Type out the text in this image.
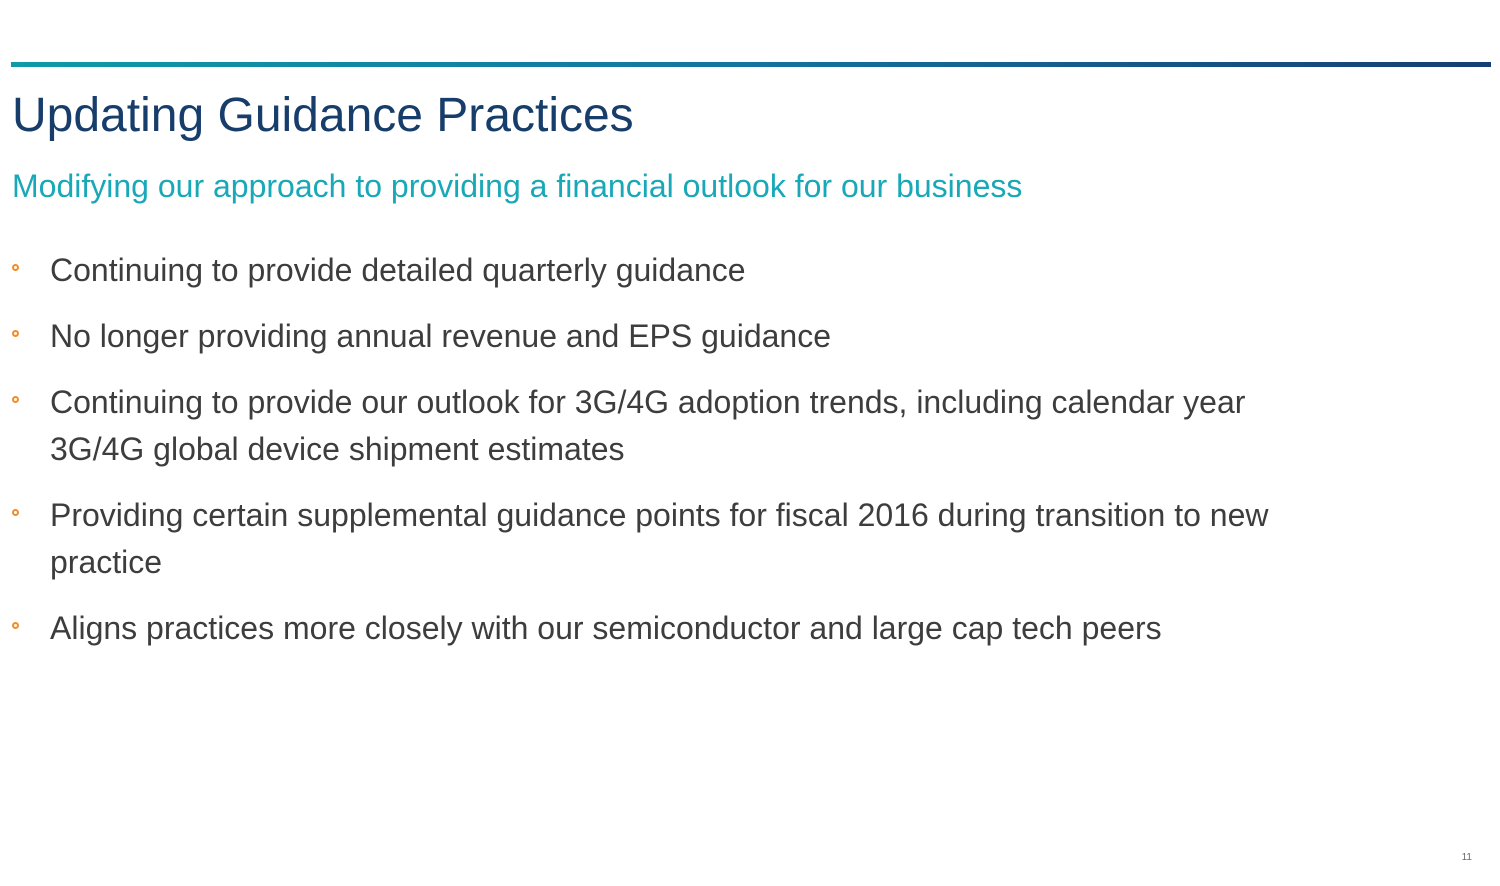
Updating Guidance Practices

Modifying our approach to providing a financial outlook for our business

Continuing to provide detailed quarterly guidance
No longer providing annual revenue and EPS guidance
Continuing to provide our outlook for 3G/4G adoption trends, including calendar year 3G/4G global device shipment estimates
Providing certain supplemental guidance points for fiscal 2016 during transition to new practice
Aligns practices more closely with our semiconductor and large cap tech peers
11
